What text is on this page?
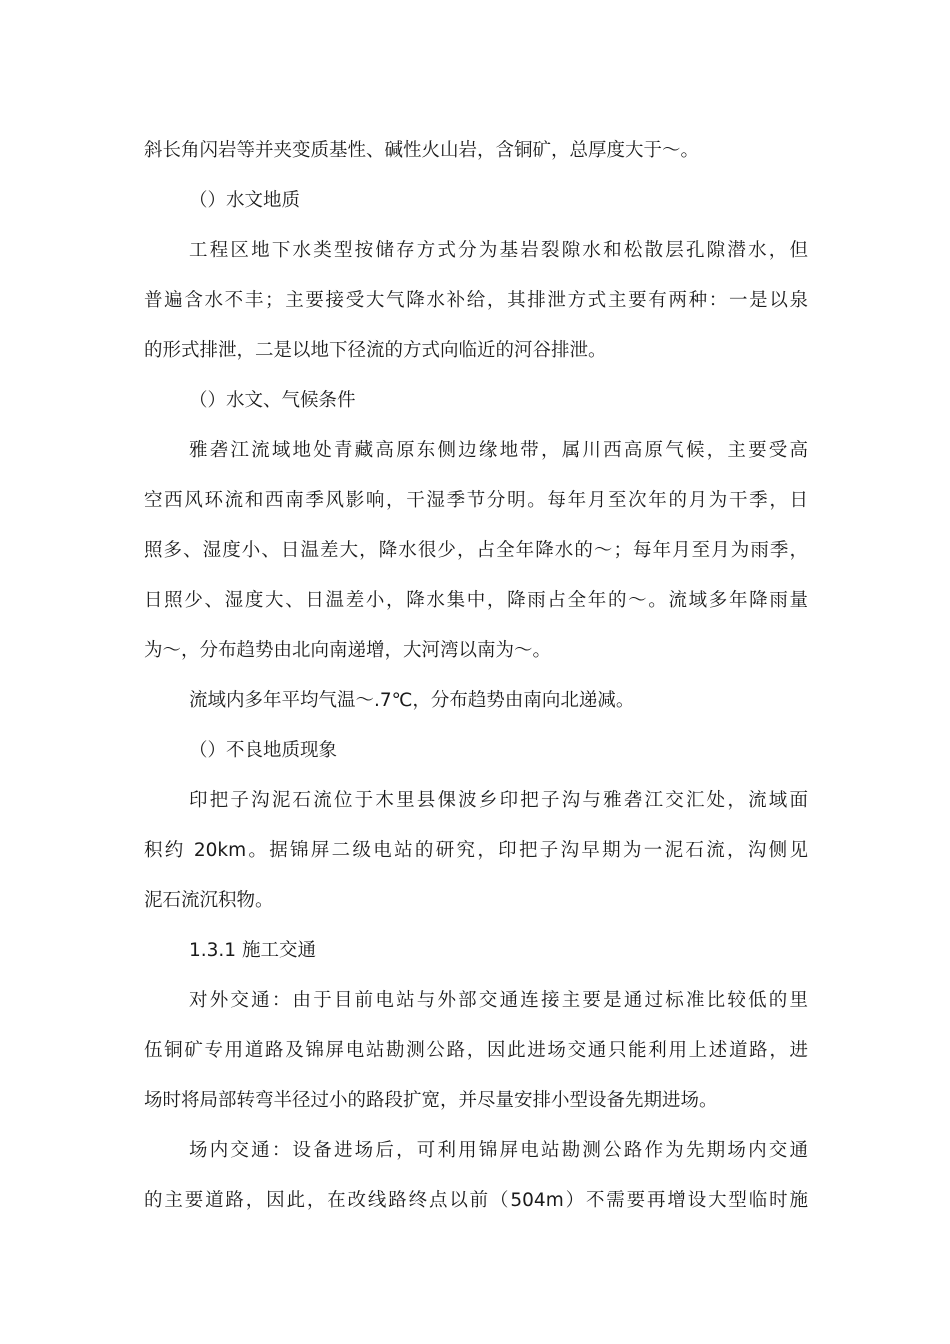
斜长角闪岩等并夹变质基性、碱性火山岩，含铜矿，总厚度大于～。
（）水文地质
工程区地下水类型按储存方式分为基岩裂隙水和松散层孔隙潜水，但
普遍含水不丰；主要接受大气降水补给，其排泄方式主要有两种：一是以泉
的形式排泄，二是以地下径流的方式向临近的河谷排泄。
（）水文、气候条件
雅砻江流域地处青藏高原东侧边缘地带，属川西高原气候，主要受高
空西风环流和西南季风影响，干湿季节分明。每年月至次年的月为干季，日
照多、湿度小、日温差大，降水很少，占全年降水的～；每年月至月为雨季，
日照少、湿度大、日温差小，降水集中，降雨占全年的～。流域多年降雨量
为～，分布趋势由北向南递增，大河湾以南为～。
流域内多年平均气温～.7℃，分布趋势由南向北递减。
（）不良地质现象
印把子沟泥石流位于木里县倮波乡印把子沟与雅砻江交汇处，流域面
积约 20km。据锦屏二级电站的研究，印把子沟早期为一泥石流，沟侧见
泥石流沉积物。
1.3.1 施工交通
对外交通：由于目前电站与外部交通连接主要是通过标准比较低的里
伍铜矿专用道路及锦屏电站勘测公路，因此进场交通只能利用上述道路，进
场时将局部转弯半径过小的路段扩宽，并尽量安排小型设备先期进场。
场内交通：设备进场后，可利用锦屏电站勘测公路作为先期场内交通
的主要道路，因此，在改线路终点以前（504m）不需要再增设大型临时施
